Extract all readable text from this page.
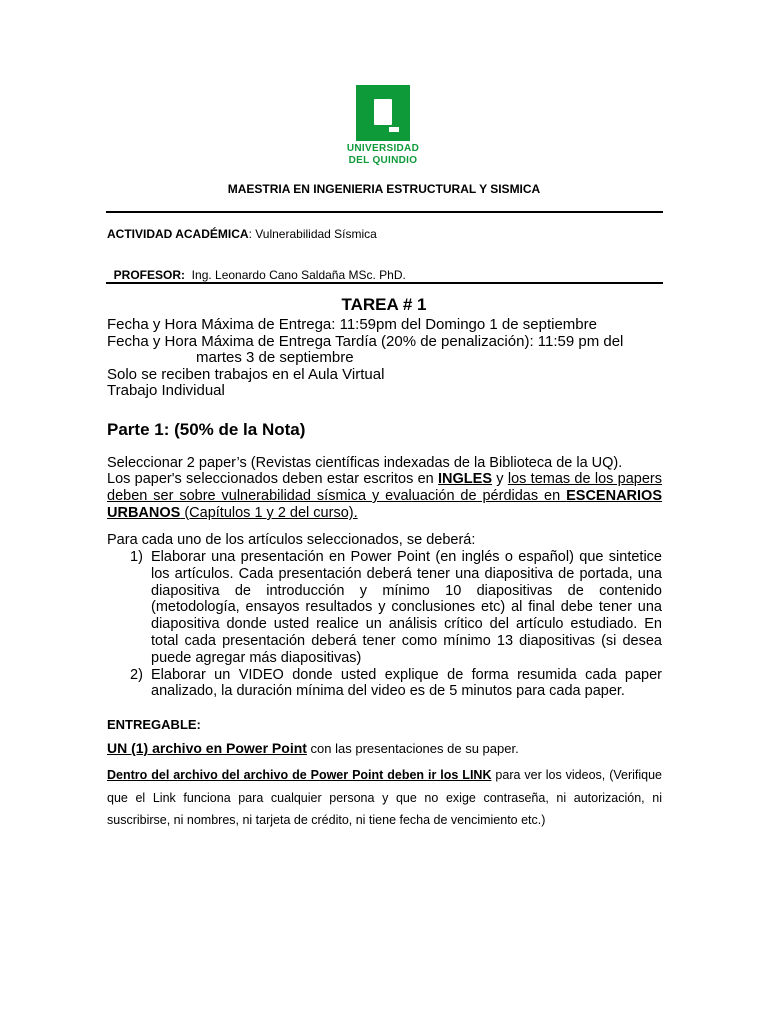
UNIVERSIDAD
DEL QUINDIO
MAESTRIA EN INGENIERIA ESTRUCTURAL Y SISMICA
ACTIVIDAD ACADÉMICA: Vulnerabilidad Sísmica

PROFESOR:  Ing. Leonardo Cano Saldaña MSc. PhD.

TAREA # 1
Fecha y Hora Máxima de Entrega: 11:59pm del Domingo 1 de septiembre
Fecha y Hora Máxima de Entrega Tardía (20% de penalización): 11:59 pm del
martes 3 de septiembre
Solo se reciben trabajos en el Aula Virtual
Trabajo Individual
Parte 1: (50% de la Nota)
Seleccionar 2 paper’s (Revistas científicas indexadas de la Biblioteca de la UQ).
Los paper's seleccionados deben estar escritos en INGLES y los temas de los papers deben ser sobre vulnerabilidad sísmica y evaluación de pérdidas en ESCENARIOS URBANOS (Capítulos 1 y 2 del curso).
Para cada uno de los artículos seleccionados, se deberá:
1) Elaborar una presentación en Power Point (en inglés o español) que sintetice los artículos. Cada presentación deberá tener una diapositiva de portada, una diapositiva de introducción y mínimo 10 diapositivas de contenido (metodología, ensayos resultados y conclusiones etc) al final debe tener una diapositiva donde usted realice un análisis crítico del artículo estudiado. En total cada presentación deberá tener como mínimo 13 diapositivas (si desea puede agregar más diapositivas)
2) Elaborar un VIDEO donde usted explique de forma resumida cada paper analizado, la duración mínima del video es de 5 minutos para cada paper.
ENTREGABLE:
UN (1) archivo en Power Point con las presentaciones de su paper.
Dentro del archivo del archivo de Power Point deben ir los LINK para ver los videos, (Verifique que el Link funciona para cualquier persona y que no exige contraseña, ni autorización, ni suscribirse, ni nombres, ni tarjeta de crédito, ni tiene fecha de vencimiento etc.)
